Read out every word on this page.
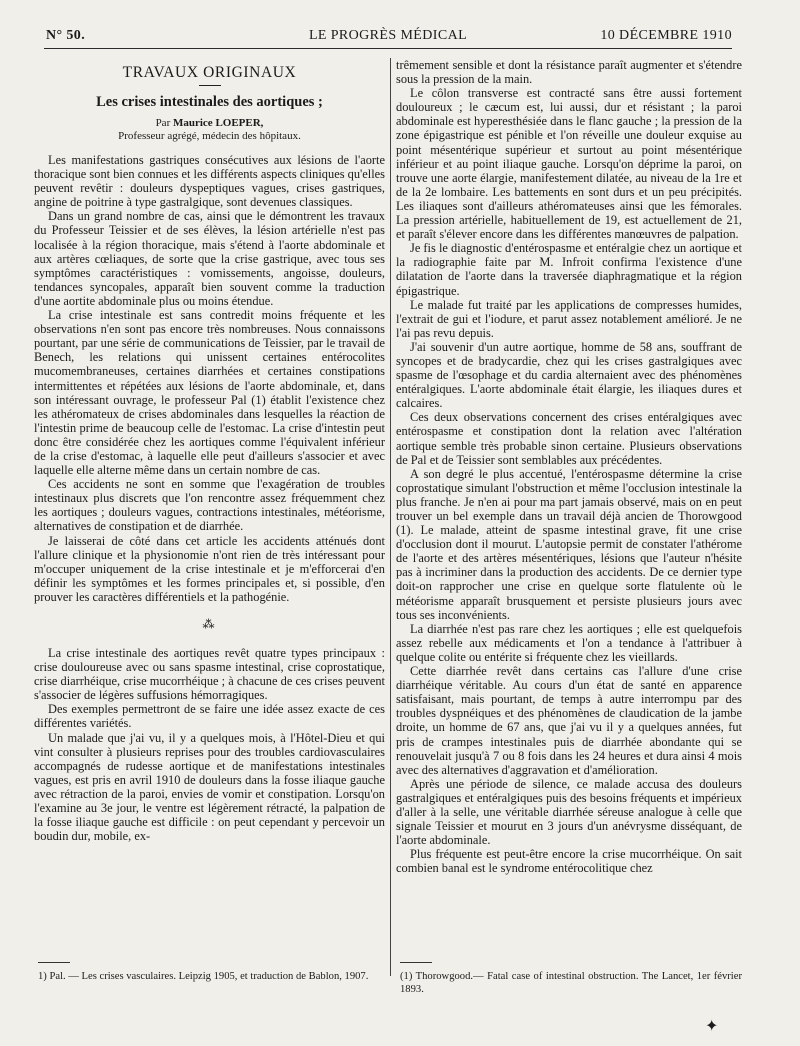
N° 50.	LE PROGRÈS MÉDICAL	10 DÉCEMBRE 1910
TRAVAUX ORIGINAUX
Les crises intestinales des aortiques ;
Par Maurice LOEPER,
Professeur agrégé, médecin des hôpitaux.

Les manifestations gastriques consécutives aux lésions de l'aorte thoracique sont bien connues et les différents aspects cliniques qu'elles peuvent revêtir : douleurs dyspeptiques vagues, crises gastriques, angine de poitrine à type gastralgique, sont devenues classiques.

Dans un grand nombre de cas, ainsi que le démontrent les travaux du Professeur Teissier et de ses élèves, la lésion artérielle n'est pas localisée à la région thoracique, mais s'étend à l'aorte abdominale et aux artères cœliaques, de sorte que la crise gastrique, avec tous ses symptômes caractéristiques : vomissements, angoisse, douleurs, tendances syncopales, apparaît bien souvent comme la traduction d'une aortite abdominale plus ou moins étendue.

La crise intestinale est sans contredit moins fréquente et les observations n'en sont pas encore très nombreuses. Nous connaissons pourtant, par une série de communications de Teissier, par le travail de Benech, les relations qui unissent certaines entérocolites mucomembraneuses, certaines diarrhées et certaines constipations intermittentes et répétées aux lésions de l'aorte abdominale, et, dans son intéressant ouvrage, le professeur Pal (1) établit l'existence chez les athéromateux de crises abdominales dans lesquelles la réaction de l'intestin prime de beaucoup celle de l'estomac. La crise d'intestin peut donc être considérée chez les aortiques comme l'équivalent inférieur de la crise d'estomac, à laquelle elle peut d'ailleurs s'associer et avec laquelle elle alterne même dans un certain nombre de cas.

Ces accidents ne sont en somme que l'exagération de troubles intestinaux plus discrets que l'on rencontre assez fréquemment chez les aortiques ; douleurs vagues, contractions intestinales, météorisme, alternatives de constipation et de diarrhée.

Je laisserai de côté dans cet article les accidents atténués dont l'allure clinique et la physionomie n'ont rien de très intéressant pour m'occuper uniquement de la crise intestinale et je m'efforcerai d'en définir les symptômes et les formes principales et, si possible, d'en prouver les caractères différentiels et la pathogénie.

⁂

La crise intestinale des aortiques revêt quatre types principaux : crise douloureuse avec ou sans spasme intestinal, crise coprostatique, crise diarrhéique, crise mucorrhéique ; à chacune de ces crises peuvent s'associer de légères suffusions hémorragiques.

Des exemples permettront de se faire une idée assez exacte de ces différentes variétés.

Un malade que j'ai vu, il y a quelques mois, à l'Hôtel-Dieu et qui vint consulter à plusieurs reprises pour des troubles cardiovasculaires accompagnés de rudesse aortique et de manifestations intestinales vagues, est pris en avril 1910 de douleurs dans la fosse iliaque gauche avec rétraction de la paroi, envies de vomir et constipation. Lorsqu'on l'examine au 3e jour, le ventre est légèrement rétracté, la palpation de la fosse iliaque gauche est difficile : on peut cependant y percevoir un boudin dur, mobile, ex-

trêmement sensible et dont la résistance paraît augmenter et s'étendre sous la pression de la main.

Le côlon transverse est contracté sans être aussi fortement douloureux ; le cæcum est, lui aussi, dur et résistant ; la paroi abdominale est hyperesthésiée dans le flanc gauche ; la pression de la zone épigastrique est pénible et l'on réveille une douleur exquise au point mésentérique supérieur et surtout au point mésentérique inférieur et au point iliaque gauche. Lorsqu'on déprime la paroi, on trouve une aorte élargie, manifestement dilatée, au niveau de la 1re et de la 2e lombaire. Les battements en sont durs et un peu précipités. Les iliaques sont d'ailleurs athéromateuses ainsi que les fémorales. La pression artérielle, habituellement de 19, est actuellement de 21, et paraît s'élever encore dans les différentes manœuvres de palpation.

Je fis le diagnostic d'entérospasme et entéralgie chez un aortique et la radiographie faite par M. Infroit confirma l'existence d'une dilatation de l'aorte dans la traversée diaphragmatique et la région épigastrique.

Le malade fut traité par les applications de compresses humides, l'extrait de gui et l'iodure, et parut assez notablement amélioré. Je ne l'ai pas revu depuis.

J'ai souvenir d'un autre aortique, homme de 58 ans, souffrant de syncopes et de bradycardie, chez qui les crises gastralgiques avec spasme de l'œsophage et du cardia alternaient avec des phénomènes entéralgiques. L'aorte abdominale était élargie, les iliaques dures et calcaires.

Ces deux observations concernent des crises entéralgiques avec entérospasme et constipation dont la relation avec l'altération aortique semble très probable sinon certaine. Plusieurs observations de Pal et de Teissier sont semblables aux précédentes.

A son degré le plus accentué, l'entérospasme détermine la crise coprostatique simulant l'obstruction et même l'occlusion intestinale la plus franche. Je n'en ai pour ma part jamais observé, mais on en peut trouver un bel exemple dans un travail déjà ancien de Thorowgood (1). Le malade, atteint de spasme intestinal grave, fit une crise d'occlusion dont il mourut. L'autopsie permit de constater l'athérome de l'aorte et des artères mésentériques, lésions que l'auteur n'hésite pas à incriminer dans la production des accidents. De ce dernier type doit-on rapprocher une crise en quelque sorte flatulente où le météorisme apparaît brusquement et persiste plusieurs jours avec tous ses inconvénients.

La diarrhée n'est pas rare chez les aortiques ; elle est quelquefois assez rebelle aux médicaments et l'on a tendance à l'attribuer à quelque colite ou entérite si fréquente chez les vieillards.

Cette diarrhée revêt dans certains cas l'allure d'une crise diarrhéique véritable. Au cours d'un état de santé en apparence satisfaisant, mais pourtant, de temps à autre interrompu par des troubles dyspnéiques et des phénomènes de claudication de la jambe droite, un homme de 67 ans, que j'ai vu il y a quelques années, fut pris de crampes intestinales puis de diarrhée abondante qui se renouvelait jusqu'à 7 ou 8 fois dans les 24 heures et dura ainsi 4 mois avec des alternatives d'aggravation et d'amélioration.

Après une période de silence, ce malade accusa des douleurs gastralgiques et entéralgiques puis des besoins fréquents et impérieux d'aller à la selle, une véritable diarrhée séreuse analogue à celle que signale Teissier et mourut en 3 jours d'un anévrysme disséquant, de l'aorte abdominale.

Plus fréquente est peut-être encore la crise mucorrhéique. On sait combien banal est le syndrome entérocolitique chez

1) Pal. — Les crises vasculaires. Leipzig 1905, et traduction de Bablon, 1907.	(1) Thorowgood.— Fatal case of intestinal obstruction. The Lancet, 1er février 1893.
✦
